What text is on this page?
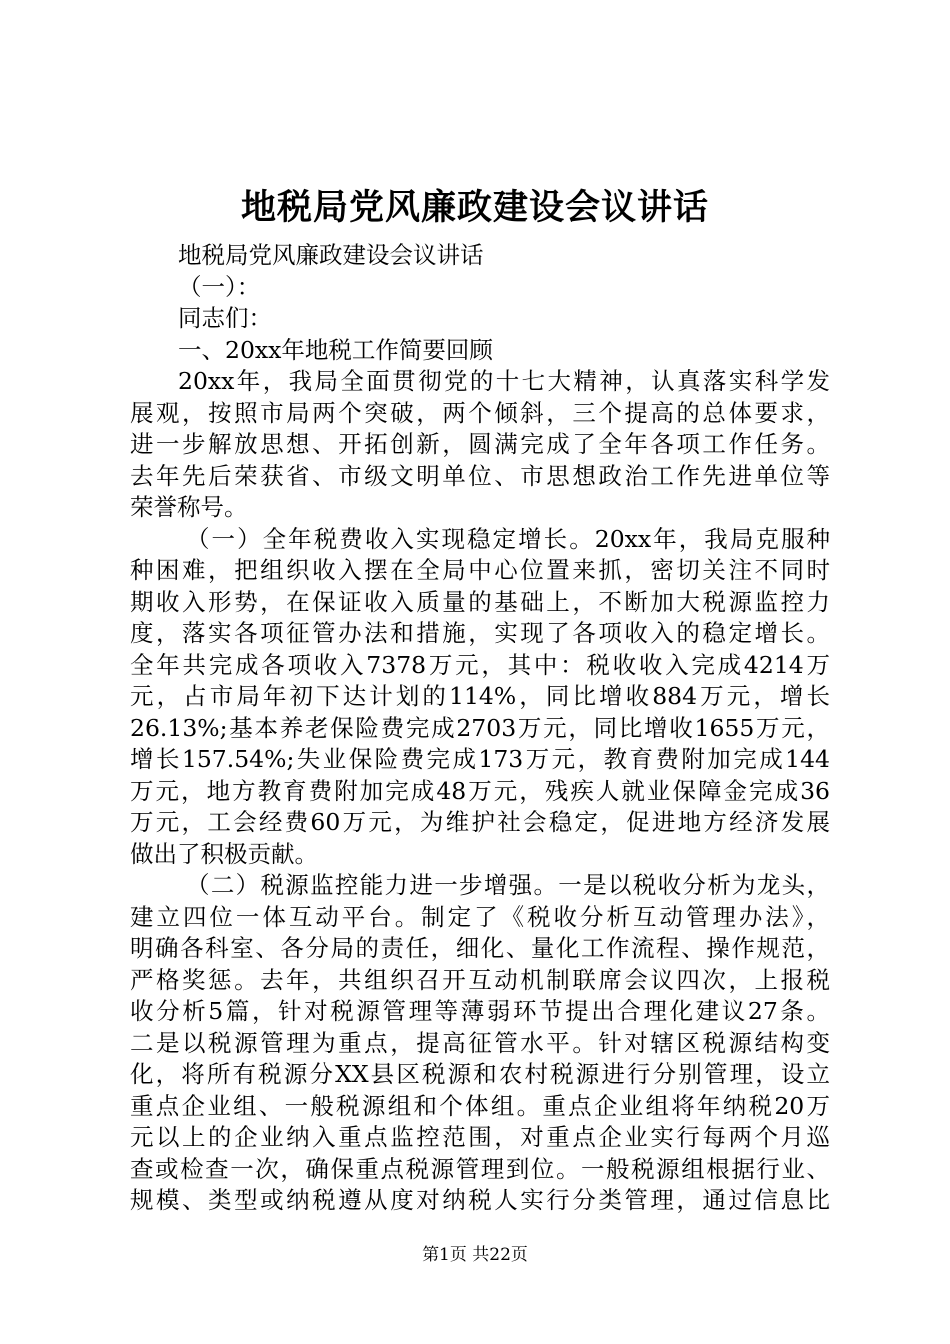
地税局党风廉政建设会议讲话
地税局党风廉政建设会议讲话
（一）：
同志们：
一、20xx年地税工作简要回顾
20xx年，我局全面贯彻党的十七大精神，认真落实科学发
展观，按照市局两个突破，两个倾斜，三个提高的总体要求，
进一步解放思想、开拓创新，圆满完成了全年各项工作任务。
去年先后荣获省、市级文明单位、市思想政治工作先进单位等
荣誉称号。
（一）全年税费收入实现稳定增长。20xx年，我局克服种
种困难，把组织收入摆在全局中心位置来抓，密切关注不同时
期收入形势，在保证收入质量的基础上，不断加大税源监控力
度，落实各项征管办法和措施，实现了各项收入的稳定增长。
全年共完成各项收入7378万元，其中：税收收入完成4214万
元，占市局年初下达计划的114%，同比增收884万元，增长
26.13%;基本养老保险费完成2703万元，同比增收1655万元，
增长157.54%;失业保险费完成173万元，教育费附加完成144
万元，地方教育费附加完成48万元，残疾人就业保障金完成36
万元，工会经费60万元，为维护社会稳定，促进地方经济发展
做出了积极贡献。
（二）税源监控能力进一步增强。一是以税收分析为龙头，
建立四位一体互动平台。制定了《税收分析互动管理办法》，
明确各科室、各分局的责任，细化、量化工作流程、操作规范，
严格奖惩。去年，共组织召开互动机制联席会议四次，上报税
收分析5篇，针对税源管理等薄弱环节提出合理化建议27条。
二是以税源管理为重点，提高征管水平。针对辖区税源结构变
化，将所有税源分XX县区税源和农村税源进行分别管理，设立
重点企业组、一般税源组和个体组。重点企业组将年纳税20万
元以上的企业纳入重点监控范围，对重点企业实行每两个月巡
查或检查一次，确保重点税源管理到位。一般税源组根据行业、
规模、类型或纳税遵从度对纳税人实行分类管理，通过信息比
第1页 共22页
